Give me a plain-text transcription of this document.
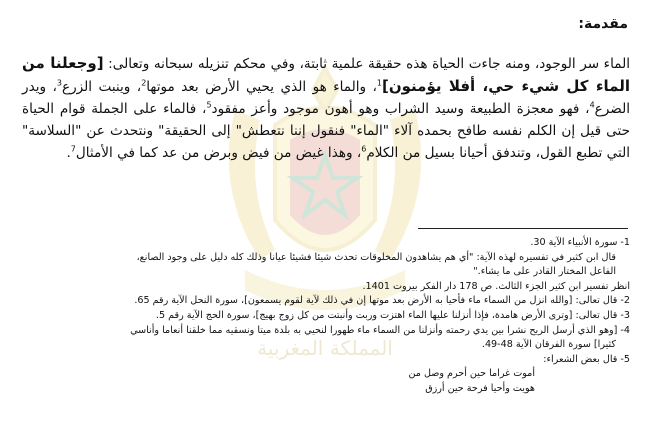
المملكة المغربية
مقدمة:

الماء سر الوجود، ومنه جاءت الحياة هذه حقيقة علمية ثابتة، وفي محكم تنزيله سبحانه وتعالى: [وجعلنا من الماء كل شيء حي، أفلا يؤمنون]$^1$، والماء هو الذي يحيي الأرض بعد موتها$^2$، وينبت الزرع$^3$، ويدر الضرع$^4$، فهو معجزة الطبيعة وسيد الشراب وهو أهون موجود وأعز مفقود$^5$، فالماء على الجملة قوام الحياة حتى قيل إن الكلم نفسه طافح بحمده آلاء "الماء" فنقول إننا نتعطش" إلى الحقيقة" ونتحدث عن "السلاسة" التي تطبع القول، وتندفق أحيانا بسيل من الكلام$^6$، وهذا غيض من فيض وبرض من عد كما في الأمثال$^7$.

1- سورة الأنبياء الآية 30.

قال ابن كثير في تفسيره لهذه الآية: "أي هم يشاهدون المخلوقات تحدث شيئا فشيئا عيانا وذلك كله دليل على وجود الصانع،

الفاعل المختار القادر على ما يشاء."

انظر تفسير ابن كثير الجزء الثالث. ص 178 دار الفكر بيروت 1401.

2- قال تعالى: [والله انزل من السماء ماء فأحيا به الأرض بعد موتها إن في ذلك لآية لقوم يسمعون]، سورة النحل الآية رقم 65.

3- قال تعالى: [وترى الأرض هامدة، فإذا أنزلنا عليها الماء اهتزت وربت وأنبتت من كل زوج بهيج]، سورة الحج الآية رقم 5.

4- [وهو الذي أرسل الريح نشرا بين يدي رحمته وأنزلنا من السماء ماء طهورا لنحيي به بلدة ميتا ونسقيه مما خلقنا أنعاما وأناسي

كثيرا] سورة الفرقان الآية 48-49.

5- قال بعض الشعراء:

أموت غراما حين أحرم وصل من

هويت وأحيا فرحة حين أرزق
